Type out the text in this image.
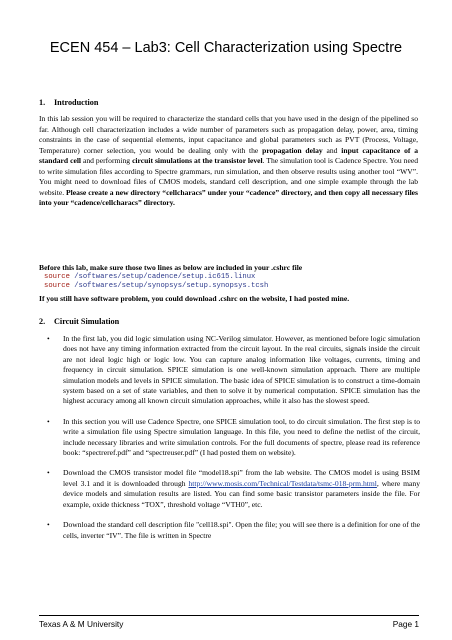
ECEN 454 – Lab3: Cell Characterization using Spectre
1. Introduction
In this lab session you will be required to characterize the standard cells that you have used in the design of the pipelined so far. Although cell characterization includes a wide number of parameters such as propagation delay, power, area, timing constraints in the case of sequential elements, input capacitance and global parameters such as PVT (Process, Voltage, Temperature) corner selection, you would be dealing only with the propagation delay and input capacitance of a standard cell and performing circuit simulations at the transistor level. The simulation tool is Cadence Spectre. You need to write simulation files according to Spectre grammars, run simulation, and then observe results using another tool “WV”. You might need to download files of CMOS models, standard cell description, and one simple example through the lab website. Please create a new directory “cellcharacs” under your “cadence” directory, and then copy all necessary files into your “cadence/cellcharacs” directory.
Before this lab, make sure those two lines as below are included in your .cshrc file
source /softwares/setup/cadence/setup.ic615.linux
source /softwares/setup/synopsys/setup.synopsys.tcsh
If you still have software problem, you could download .cshrc on the website, I had posted mine.
2. Circuit Simulation
• In the first lab, you did logic simulation using NC-Verilog simulator. However, as mentioned before logic simulation does not have any timing information extracted from the circuit layout. In the real circuits, signals inside the circuit are not ideal logic high or logic low. You can capture analog information like voltages, currents, timing and frequency in circuit simulation. SPICE simulation is one well-known simulation approach. There are multiple simulation models and levels in SPICE simulation. The basic idea of SPICE simulation is to construct a time-domain system based on a set of state variables, and then to solve it by numerical computation. SPICE simulation has the highest accuracy among all known circuit simulation approaches, while it also has the slowest speed.
• In this section you will use Cadence Spectre, one SPICE simulation tool, to do circuit simulation. The first step is to write a simulation file using Spectre simulation language. In this file, you need to define the netlist of the circuit, include necessary libraries and write simulation controls. For the full documents of spectre, please read its reference book: “spectreref.pdf” and “spectreuser.pdf” (I had posted them on website).
• Download the CMOS transistor model file “model18.spi” from the lab website. The CMOS model is using BSIM level 3.1 and it is downloaded through http://www.mosis.com/Technical/Testdata/tsmc-018-prm.html, where many device models and simulation results are listed. You can find some basic transistor parameters inside the file. For example, oxide thickness “TOX”, threshold voltage “VTH0”, etc.
• Download the standard cell description file "cell18.spi". Open the file; you will see there is a definition for one of the cells, inverter “IV”. The file is written in Spectre
Texas A & M University	Page 1
